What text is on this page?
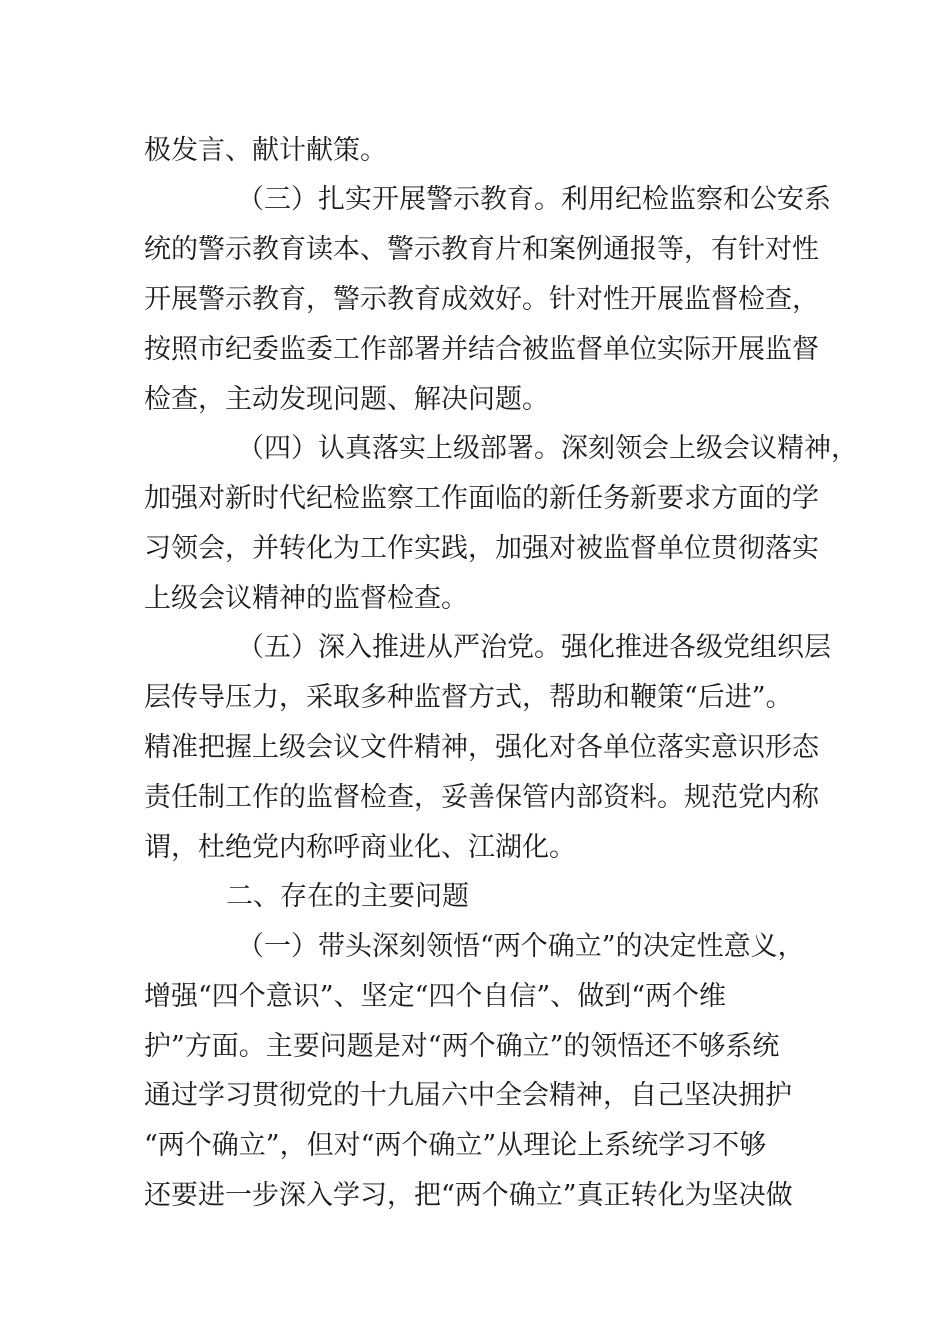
极发言、献计献策。
（三）扎实开展警示教育。利用纪检监察和公安系
统的警示教育读本、警示教育片和案例通报等，有针对性
开展警示教育，警示教育成效好。针对性开展监督检查，
按照市纪委监委工作部署并结合被监督单位实际开展监督
检查，主动发现问题、解决问题。
（四）认真落实上级部署。深刻领会上级会议精神，
加强对新时代纪检监察工作面临的新任务新要求方面的学
习领会，并转化为工作实践，加强对被监督单位贯彻落实
上级会议精神的监督检查。
（五）深入推进从严治党。强化推进各级党组织层
层传导压力，采取多种监督方式，帮助和鞭策“后进”。
精准把握上级会议文件精神，强化对各单位落实意识形态
责任制工作的监督检查，妥善保管内部资料。规范党内称
谓，杜绝党内称呼商业化、江湖化。
二、存在的主要问题
（一）带头深刻领悟“两个确立”的决定性意义，
增强“四个意识”、坚定“四个自信”、做到“两个维
护”方面。主要问题是对“两个确立”的领悟还不够系统
通过学习贯彻党的十九届六中全会精神，自己坚决拥护
“两个确立”，但对“两个确立”从理论上系统学习不够
还要进一步深入学习，把“两个确立”真正转化为坚决做
